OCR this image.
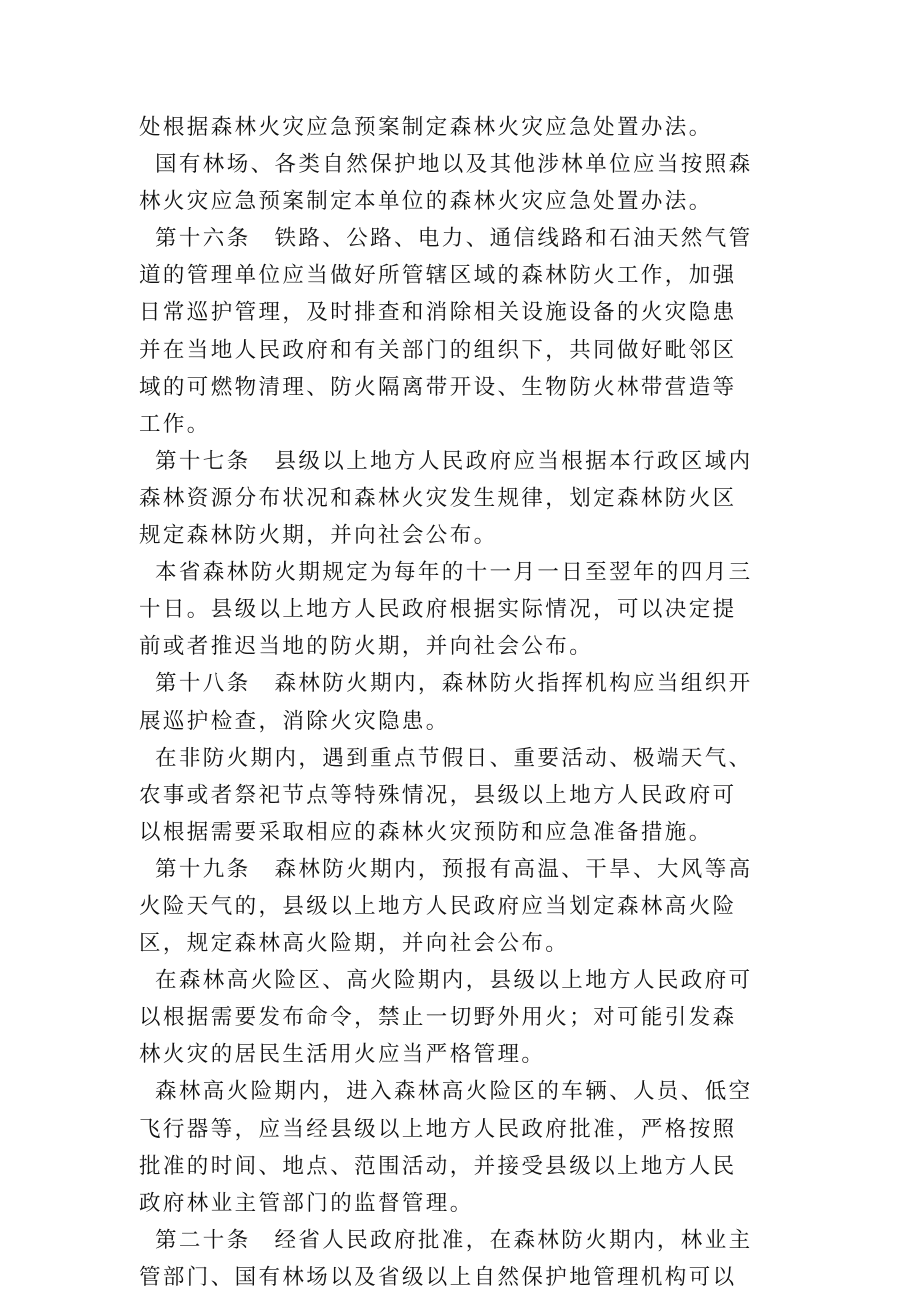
处根据森林火灾应急预案制定森林火灾应急处置办法。
国有林场、各类自然保护地以及其他涉林单位应当按照森
林火灾应急预案制定本单位的森林火灾应急处置办法。
第十六条　铁路、公路、电力、通信线路和石油天然气管
道的管理单位应当做好所管辖区域的森林防火工作，加强
日常巡护管理，及时排查和消除相关设施设备的火灾隐患
并在当地人民政府和有关部门的组织下，共同做好毗邻区
域的可燃物清理、防火隔离带开设、生物防火林带营造等
工作。
第十七条　县级以上地方人民政府应当根据本行政区域内
森林资源分布状况和森林火灾发生规律，划定森林防火区
规定森林防火期，并向社会公布。
本省森林防火期规定为每年的十一月一日至翌年的四月三
十日。县级以上地方人民政府根据实际情况，可以决定提
前或者推迟当地的防火期，并向社会公布。
第十八条　森林防火期内，森林防火指挥机构应当组织开
展巡护检查，消除火灾隐患。
在非防火期内，遇到重点节假日、重要活动、极端天气、
农事或者祭祀节点等特殊情况，县级以上地方人民政府可
以根据需要采取相应的森林火灾预防和应急准备措施。
第十九条　森林防火期内，预报有高温、干旱、大风等高
火险天气的，县级以上地方人民政府应当划定森林高火险
区，规定森林高火险期，并向社会公布。
在森林高火险区、高火险期内，县级以上地方人民政府可
以根据需要发布命令，禁止一切野外用火；对可能引发森
林火灾的居民生活用火应当严格管理。
森林高火险期内，进入森林高火险区的车辆、人员、低空
飞行器等，应当经县级以上地方人民政府批准，严格按照
批准的时间、地点、范围活动，并接受县级以上地方人民
政府林业主管部门的监督管理。
第二十条　经省人民政府批准，在森林防火期内，林业主
管部门、国有林场以及省级以上自然保护地管理机构可以
